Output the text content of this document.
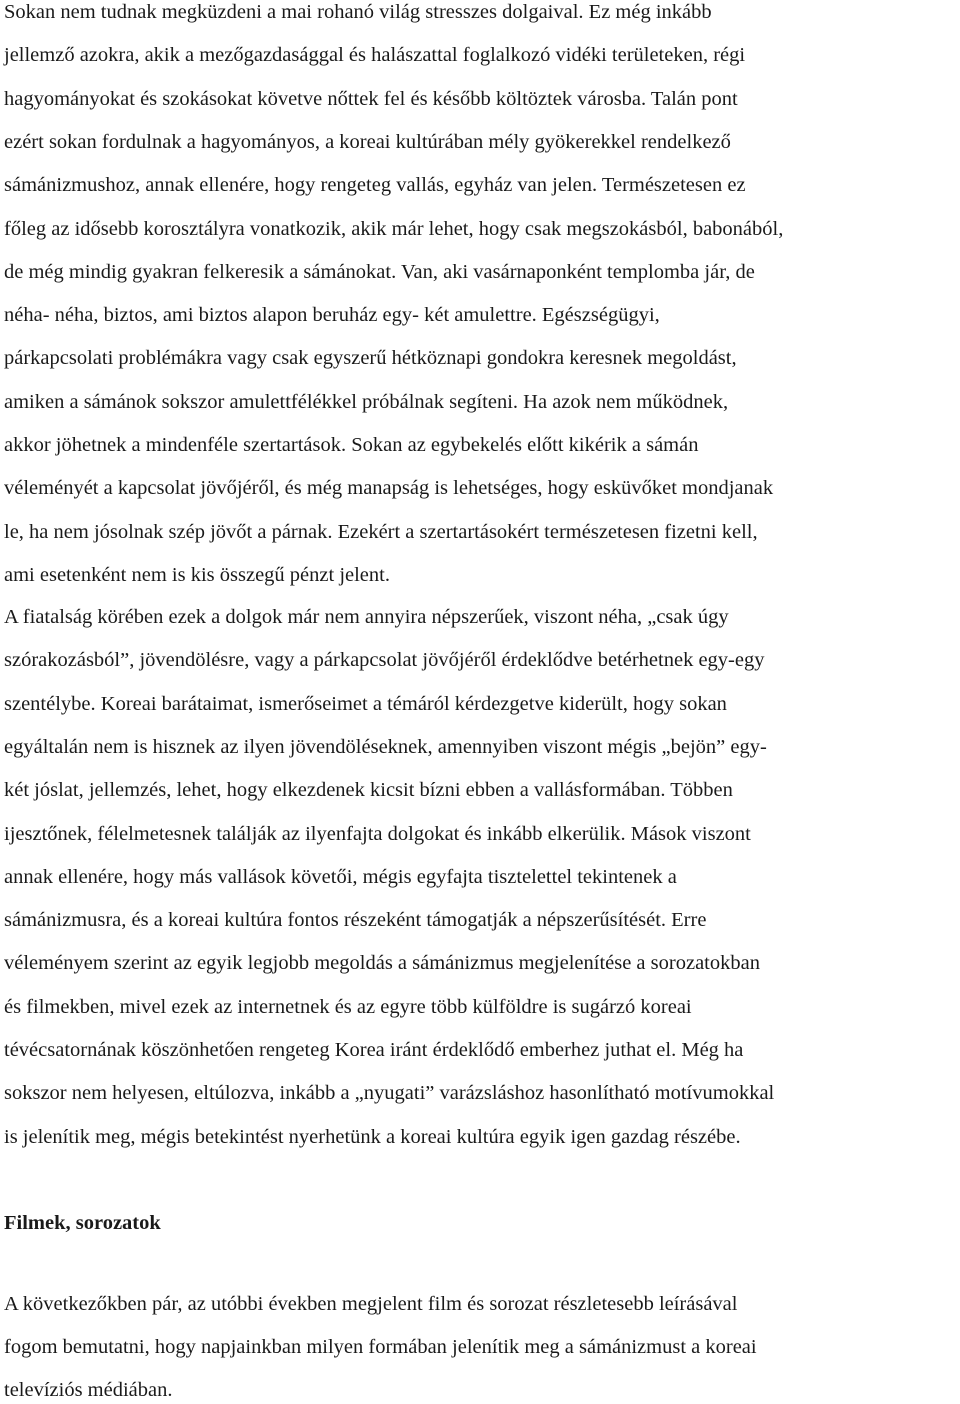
Sokan nem tudnak megküzdeni a mai rohanó világ stresszes dolgaival. Ez még inkább
jellemző azokra, akik a mezőgazdasággal és halászattal foglalkozó vidéki területeken, régi
hagyományokat és szokásokat követve nőttek fel és később költöztek városba. Talán pont
ezért sokan fordulnak a hagyományos, a koreai kultúrában mély gyökerekkel rendelkező
sámánizmushoz, annak ellenére, hogy rengeteg vallás, egyház van jelen. Természetesen ez
főleg az idősebb korosztályra vonatkozik, akik már lehet, hogy csak megszokásból, babonából,
de még mindig gyakran felkeresik a sámánokat. Van, aki vasárnaponként templomba jár, de
néha- néha, biztos, ami biztos alapon beruház egy- két amulettre. Egészségügyi,
párkapcsolati problémákra vagy csak egyszerű hétköznapi gondokra keresnek megoldást,
amiken a sámánok sokszor amulettfélékkel próbálnak segíteni. Ha azok nem működnek,
akkor jöhetnek a mindenféle szertartások. Sokan az egybekelés előtt kikérik a sámán
véleményét a kapcsolat jövőjéről, és még manapság is lehetséges, hogy esküvőket mondjanak
le, ha nem jósolnak szép jövőt a párnak. Ezekért a szertartásokért természetesen fizetni kell,
ami esetenként nem is kis összegű pénzt jelent.
A fiatalság körében ezek a dolgok már nem annyira népszerűek, viszont néha, „csak úgy
szórakozásból”, jövendölésre, vagy a párkapcsolat jövőjéről érdeklődve betérhetnek egy-egy
szentélybe. Koreai barátaimat, ismerőseimet a témáról kérdezgetve kiderült, hogy sokan
egyáltalán nem is hisznek az ilyen jövendöléseknek, amennyiben viszont mégis „bejön” egy-
két jóslat, jellemzés, lehet, hogy elkezdenek kicsit bízni ebben a vallásformában. Többen
ijesztőnek, félelmetesnek találják az ilyenfajta dolgokat és inkább elkerülik. Mások viszont
annak ellenére, hogy más vallások követői, mégis egyfajta tisztelettel tekintenek a
sámánizmusra, és a koreai kultúra fontos részeként támogatják a népszerűsítését. Erre
véleményem szerint az egyik legjobb megoldás a sámánizmus megjelenítése a sorozatokban
és filmekben, mivel ezek az internetnek és az egyre több külföldre is sugárzó koreai
tévécsatornának köszönhetően rengeteg Korea iránt érdeklődő emberhez juthat el. Még ha
sokszor nem helyesen, eltúlozva, inkább a „nyugati” varázsláshoz hasonlítható motívumokkal
is jelenítik meg, mégis betekintést nyerhetünk a koreai kultúra egyik igen gazdag részébe.
Filmek, sorozatok
A következőkben pár, az utóbbi években megjelent film és sorozat részletesebb leírásával
fogom bemutatni, hogy napjainkban milyen formában jelenítik meg a sámánizmust a koreai
televíziós médiában.
